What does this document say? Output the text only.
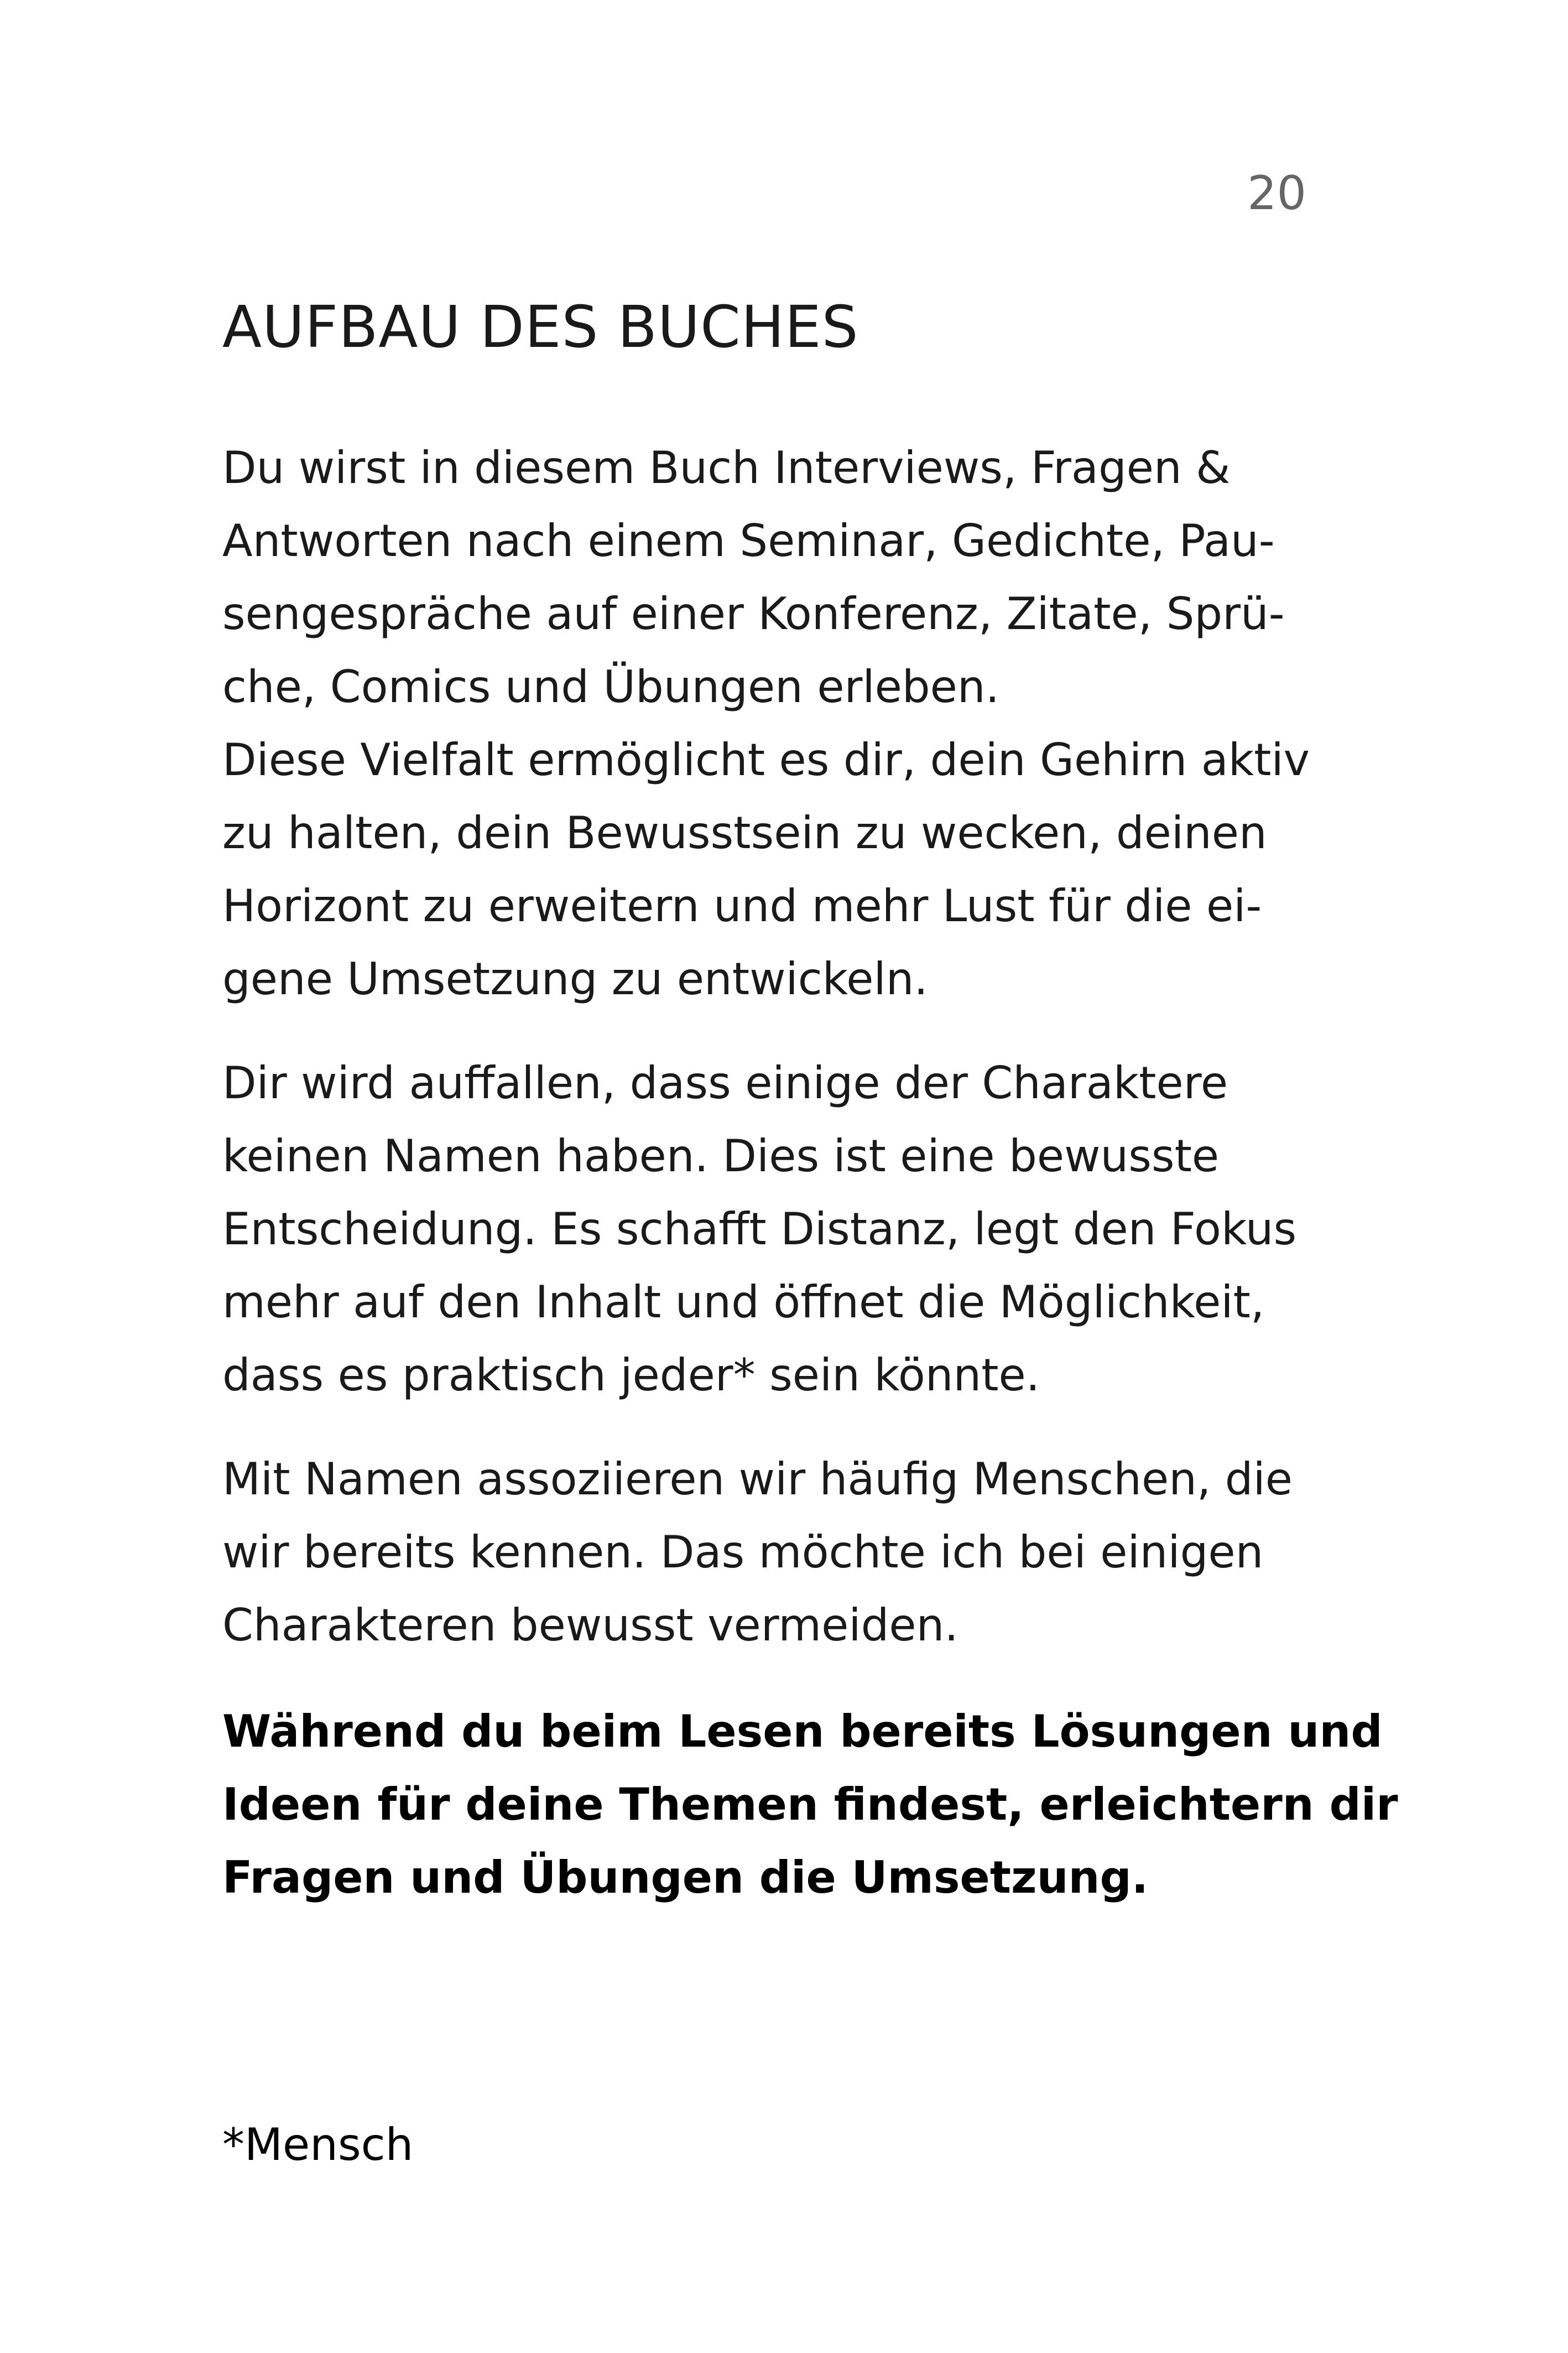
20
AUFBAU DES BUCHES

Du wirst in diesem Buch Interviews, Fragen &
Antworten nach einem Seminar, Gedichte, Pau-
sengespräche auf einer Konferenz, Zitate, Sprü-
che, Comics und Übungen erleben.
Diese Vielfalt ermöglicht es dir, dein Gehirn aktiv
zu halten, dein Bewusstsein zu wecken, deinen
Horizont zu erweitern und mehr Lust für die ei-
gene Umsetzung zu entwickeln.

Dir wird auffallen, dass einige der Charaktere
keinen Namen haben. Dies ist eine bewusste
Entscheidung. Es schafft Distanz, legt den Fokus
mehr auf den Inhalt und öffnet die Möglichkeit,
dass es praktisch jeder* sein könnte.

Mit Namen assoziieren wir häufig Menschen, die
wir bereits kennen. Das möchte ich bei einigen
Charakteren bewusst vermeiden.

Während du beim Lesen bereits Lösungen und
Ideen für deine Themen findest, erleichtern dir
Fragen und Übungen die Umsetzung.

*Mensch
